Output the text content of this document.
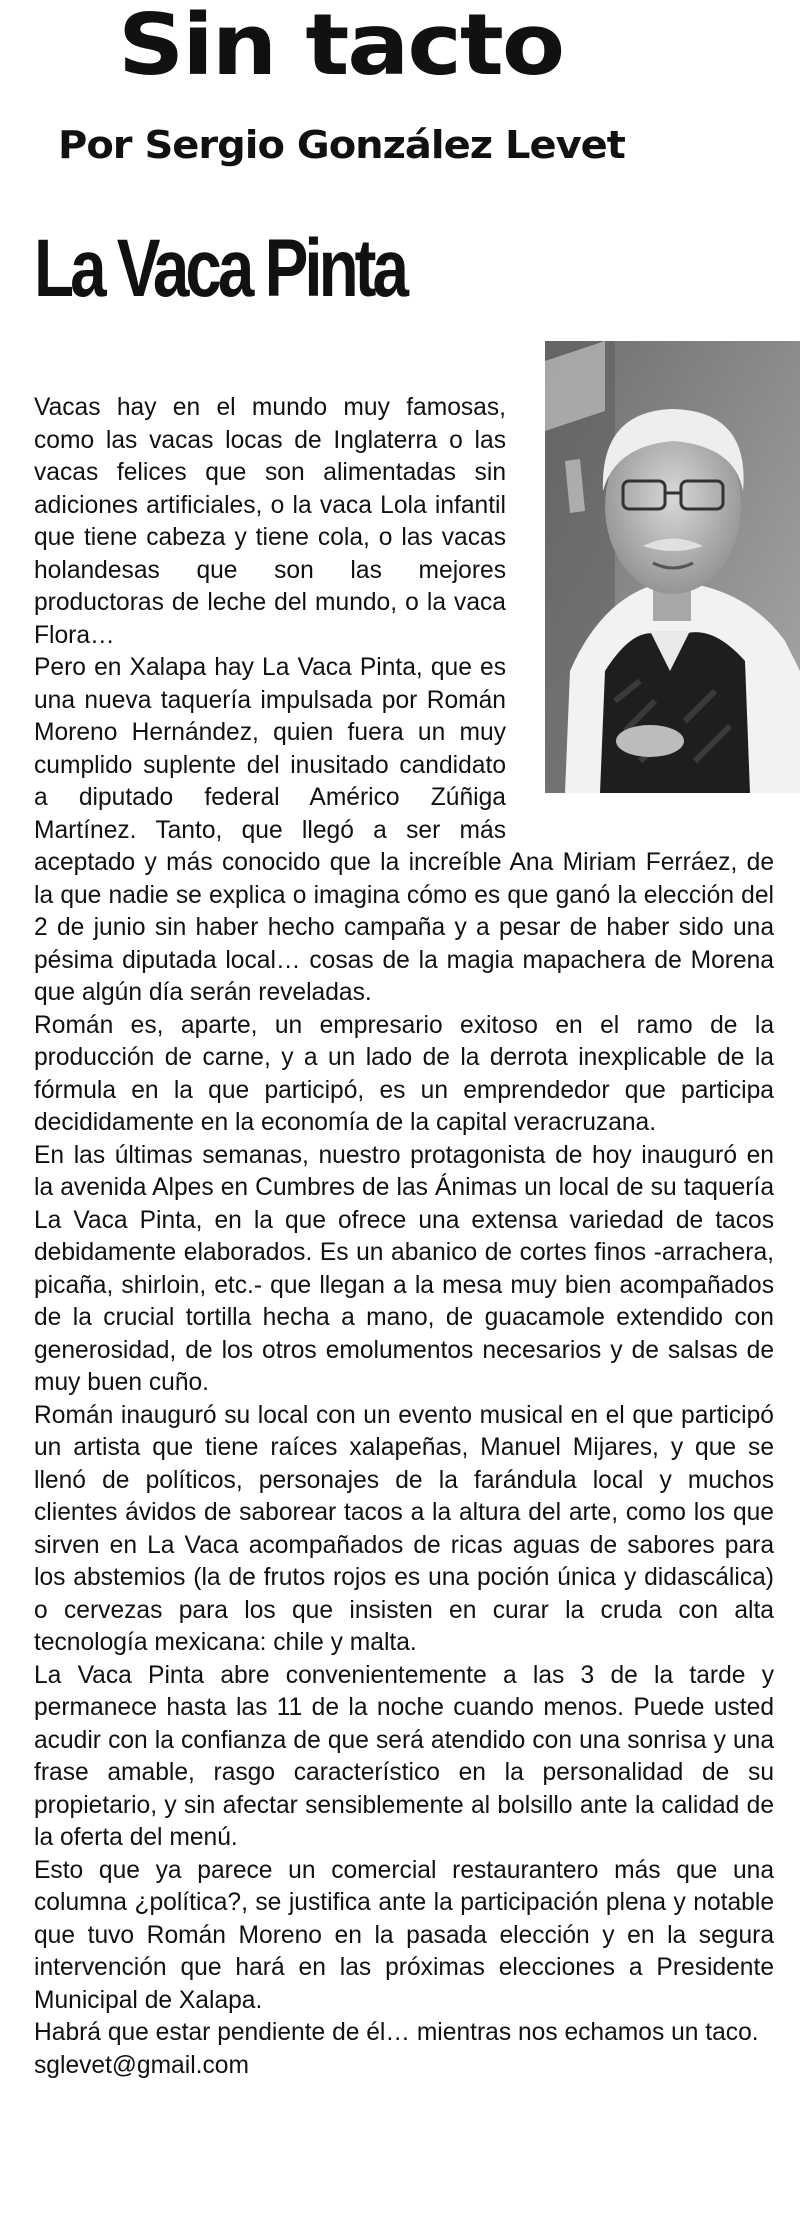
Sin tacto
Por Sergio González Levet
La Vaca Pinta

Vacas hay en el mundo muy famosas, como las vacas locas de Inglaterra o las vacas felices que son alimentadas sin adiciones artificiales, o la vaca Lola infantil que tiene cabeza y tiene cola, o las vacas holandesas que son las mejores productoras de leche del mundo, o la vaca Flora…

Pero en Xalapa hay La Vaca Pinta, que es una nueva taquería impulsada por Román Moreno Hernández, quien fuera un muy cumplido suplente del inusitado candidato a diputado federal Américo Zúñiga Martínez. Tanto, que llegó a ser más aceptado y más conocido que la increíble Ana Miriam Ferráez, de la que nadie se explica o imagina cómo es que ganó la elección del 2 de junio sin haber hecho campaña y a pesar de haber sido una pésima diputada local… cosas de la magia mapachera de Morena que algún día serán reveladas.

Román es, aparte, un empresario exitoso en el ramo de la producción de carne, y a un lado de la derrota inexplicable de la fórmula en la que participó, es un emprendedor que participa decididamente en la economía de la capital veracruzana.

En las últimas semanas, nuestro protagonista de hoy inauguró en la avenida Alpes en Cumbres de las Ánimas un local de su taquería La Vaca Pinta, en la que ofrece una extensa variedad de tacos debidamente elaborados. Es un abanico de cortes finos -arrachera, picaña, shirloin, etc.- que llegan a la mesa muy bien acompañados de la crucial tortilla hecha a mano, de guacamole extendido con generosidad, de los otros emolumentos necesarios y de salsas de muy buen cuño.

Román inauguró su local con un evento musical en el que participó un artista que tiene raíces xalapeñas, Manuel Mijares, y que se llenó de políticos, personajes de la farándula local y muchos clientes ávidos de saborear tacos a la altura del arte, como los que sirven en La Vaca acompañados de ricas aguas de sabores para los abstemios (la de frutos rojos es una poción única y didascálica) o cervezas para los que insisten en curar la cruda con alta tecnología mexicana: chile y malta.

La Vaca Pinta abre convenientemente a las 3 de la tarde y permanece hasta las 11 de la noche cuando menos. Puede usted acudir con la confianza de que será atendido con una sonrisa y una frase amable, rasgo característico en la personalidad de su propietario, y sin afectar sensiblemente al bolsillo ante la calidad de la oferta del menú.

Esto que ya parece un comercial restaurantero más que una columna ¿política?, se justifica ante la participación plena y notable que tuvo Román Moreno en la pasada elección y en la segura intervención que hará en las próximas elecciones a Presidente Municipal de Xalapa.

Habrá que estar pendiente de él… mientras nos echamos un taco.

sglevet@gmail.com
